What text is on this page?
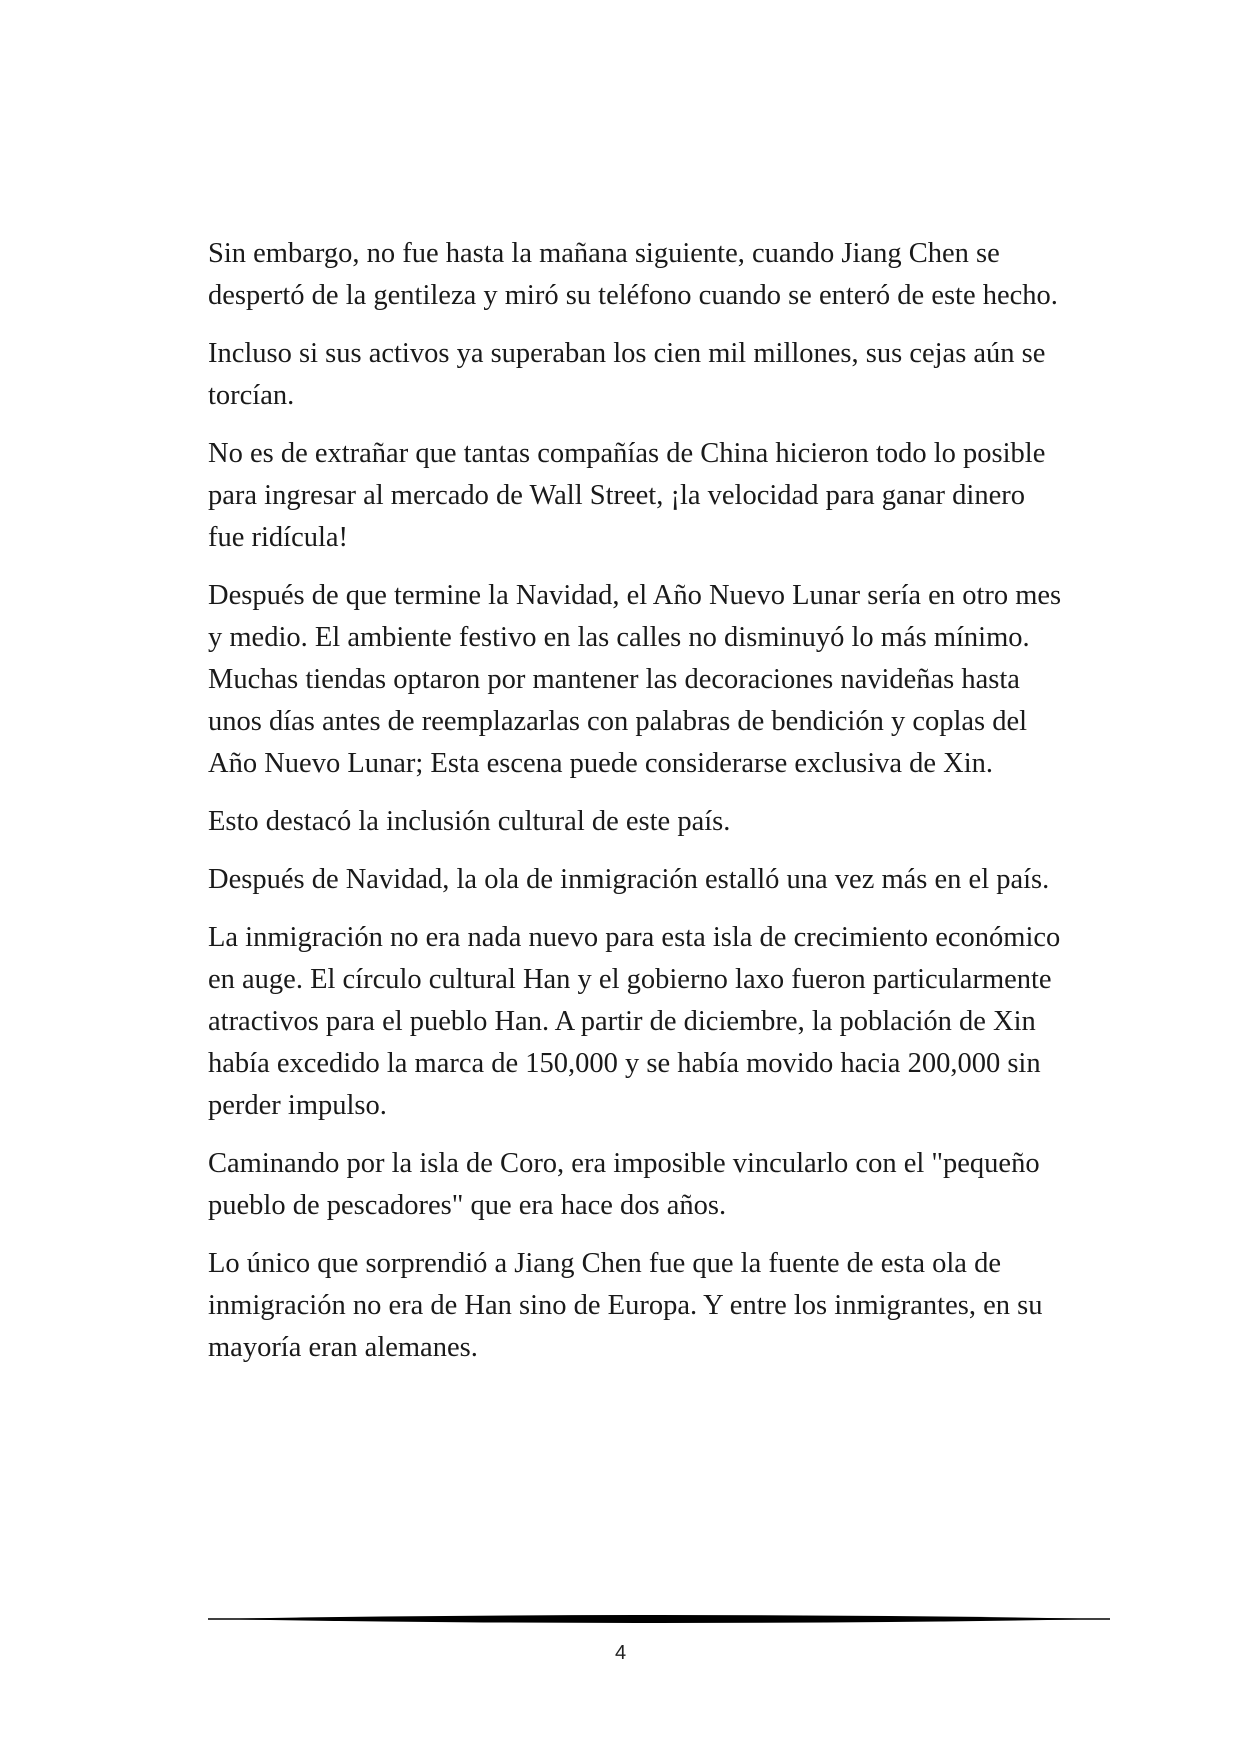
Sin embargo, no fue hasta la mañana siguiente, cuando Jiang Chen se despertó de la gentileza y miró su teléfono cuando se enteró de este hecho.

Incluso si sus activos ya superaban los cien mil millones, sus cejas aún se torcían.

No es de extrañar que tantas compañías de China hicieron todo lo posible para ingresar al mercado de Wall Street, ¡la velocidad para ganar dinero fue ridícula!

Después de que termine la Navidad, el Año Nuevo Lunar sería en otro mes y medio. El ambiente festivo en las calles no disminuyó lo más mínimo. Muchas tiendas optaron por mantener las decoraciones navideñas hasta unos días antes de reemplazarlas con palabras de bendición y coplas del Año Nuevo Lunar; Esta escena puede considerarse exclusiva de Xin.

Esto destacó la inclusión cultural de este país.

Después de Navidad, la ola de inmigración estalló una vez más en el país.

La inmigración no era nada nuevo para esta isla de crecimiento económico en auge. El círculo cultural Han y el gobierno laxo fueron particularmente atractivos para el pueblo Han. A partir de diciembre, la población de Xin había excedido la marca de 150,000 y se había movido hacia 200,000 sin perder impulso.

Caminando por la isla de Coro, era imposible vincularlo con el "pequeño pueblo de pescadores" que era hace dos años.

Lo único que sorprendió a Jiang Chen fue que la fuente de esta ola de inmigración no era de Han sino de Europa. Y entre los inmigrantes, en su mayoría eran alemanes.

4
